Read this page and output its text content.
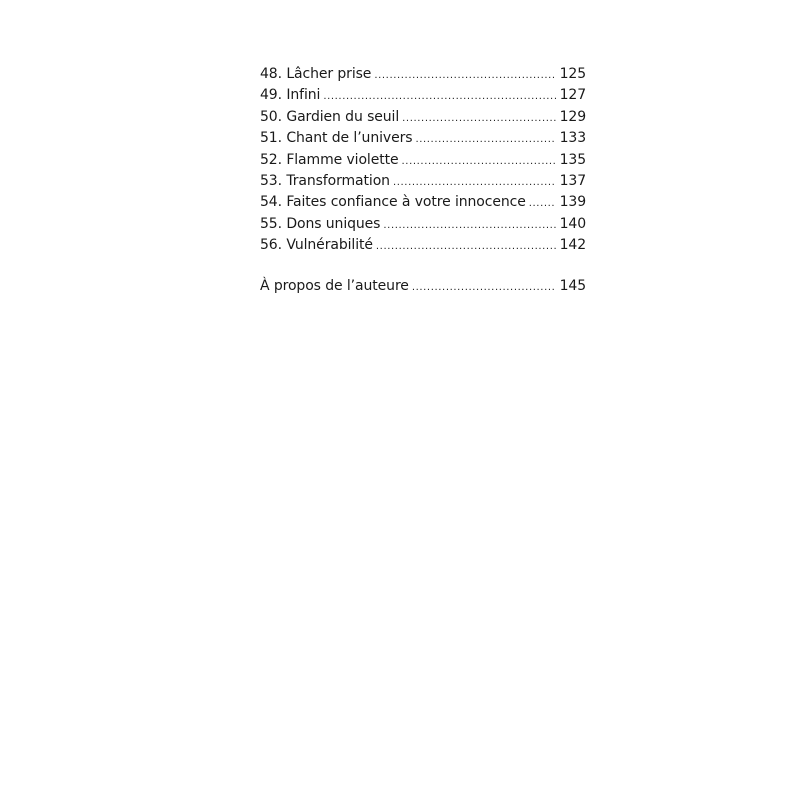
48. Lâcher prise .....	125
49. Infini .....	127
50. Gardien du seuil .....	129
51. Chant de l’univers .....	133
52. Flamme violette .....	135
53. Transformation .....	137
54. Faites confiance à votre innocence ..... 139
55. Dons uniques .....	140
56. Vulnérabilité .....	142
À propos de l’auteure .....	145
